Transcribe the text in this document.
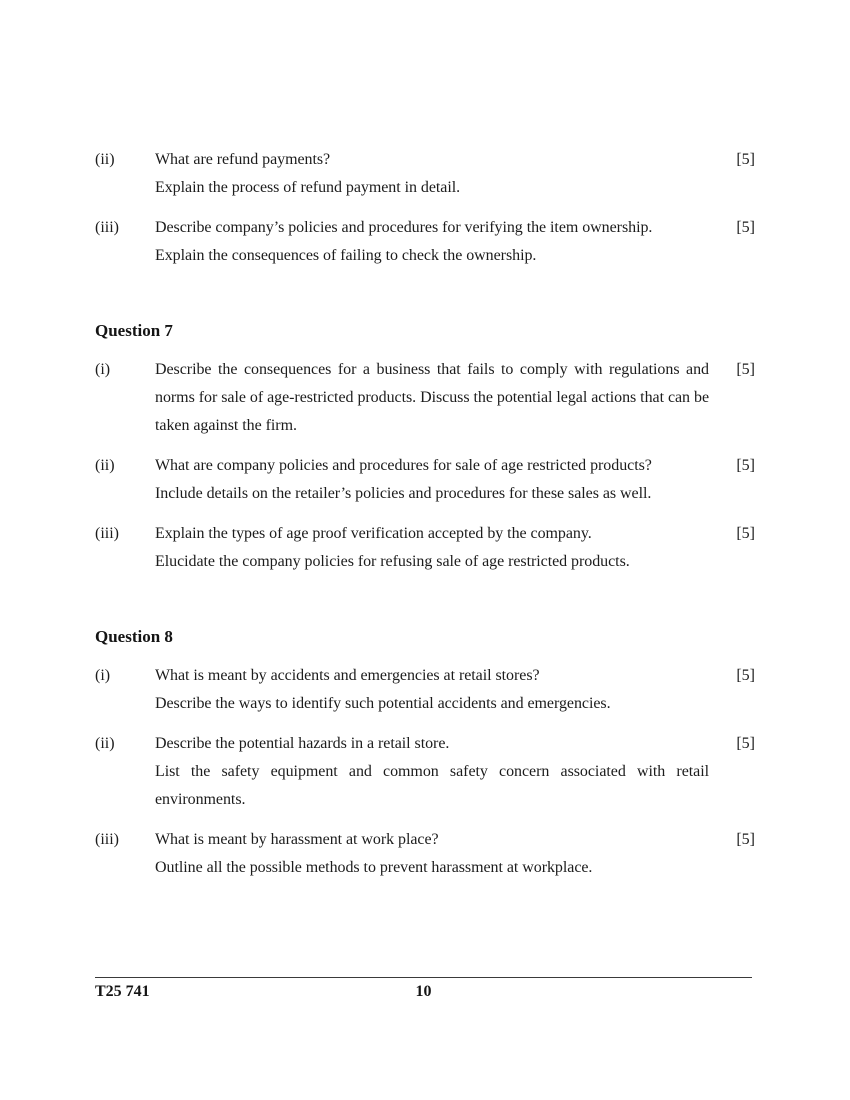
(ii)	What are refund payments?

Explain the process of refund payment in detail.

[5]
(iii)	Describe company’s policies and procedures for verifying the item ownership.

Explain the consequences of failing to check the ownership.

[5]
Question 7
(i)	Describe the consequences for a business that fails to comply with regulations and norms for sale of age-restricted products. Discuss the potential legal actions that can be taken against the firm.

[5]
(ii)	What are company policies and procedures for sale of age restricted products?

Include details on the retailer’s policies and procedures for these sales as well.

[5]
(iii)	Explain the types of age proof verification accepted by the company.

Elucidate the company policies for refusing sale of age restricted products.

[5]
Question 8
(i)	What is meant by accidents and emergencies at retail stores?

Describe the ways to identify such potential accidents and emergencies.

[5]
(ii)	Describe the potential hazards in a retail store.

List the safety equipment and common safety concern associated with retail environments.

[5]
(iii)	What is meant by harassment at work place?

Outline all the possible methods to prevent harassment at workplace.

[5]
T25 741	10
